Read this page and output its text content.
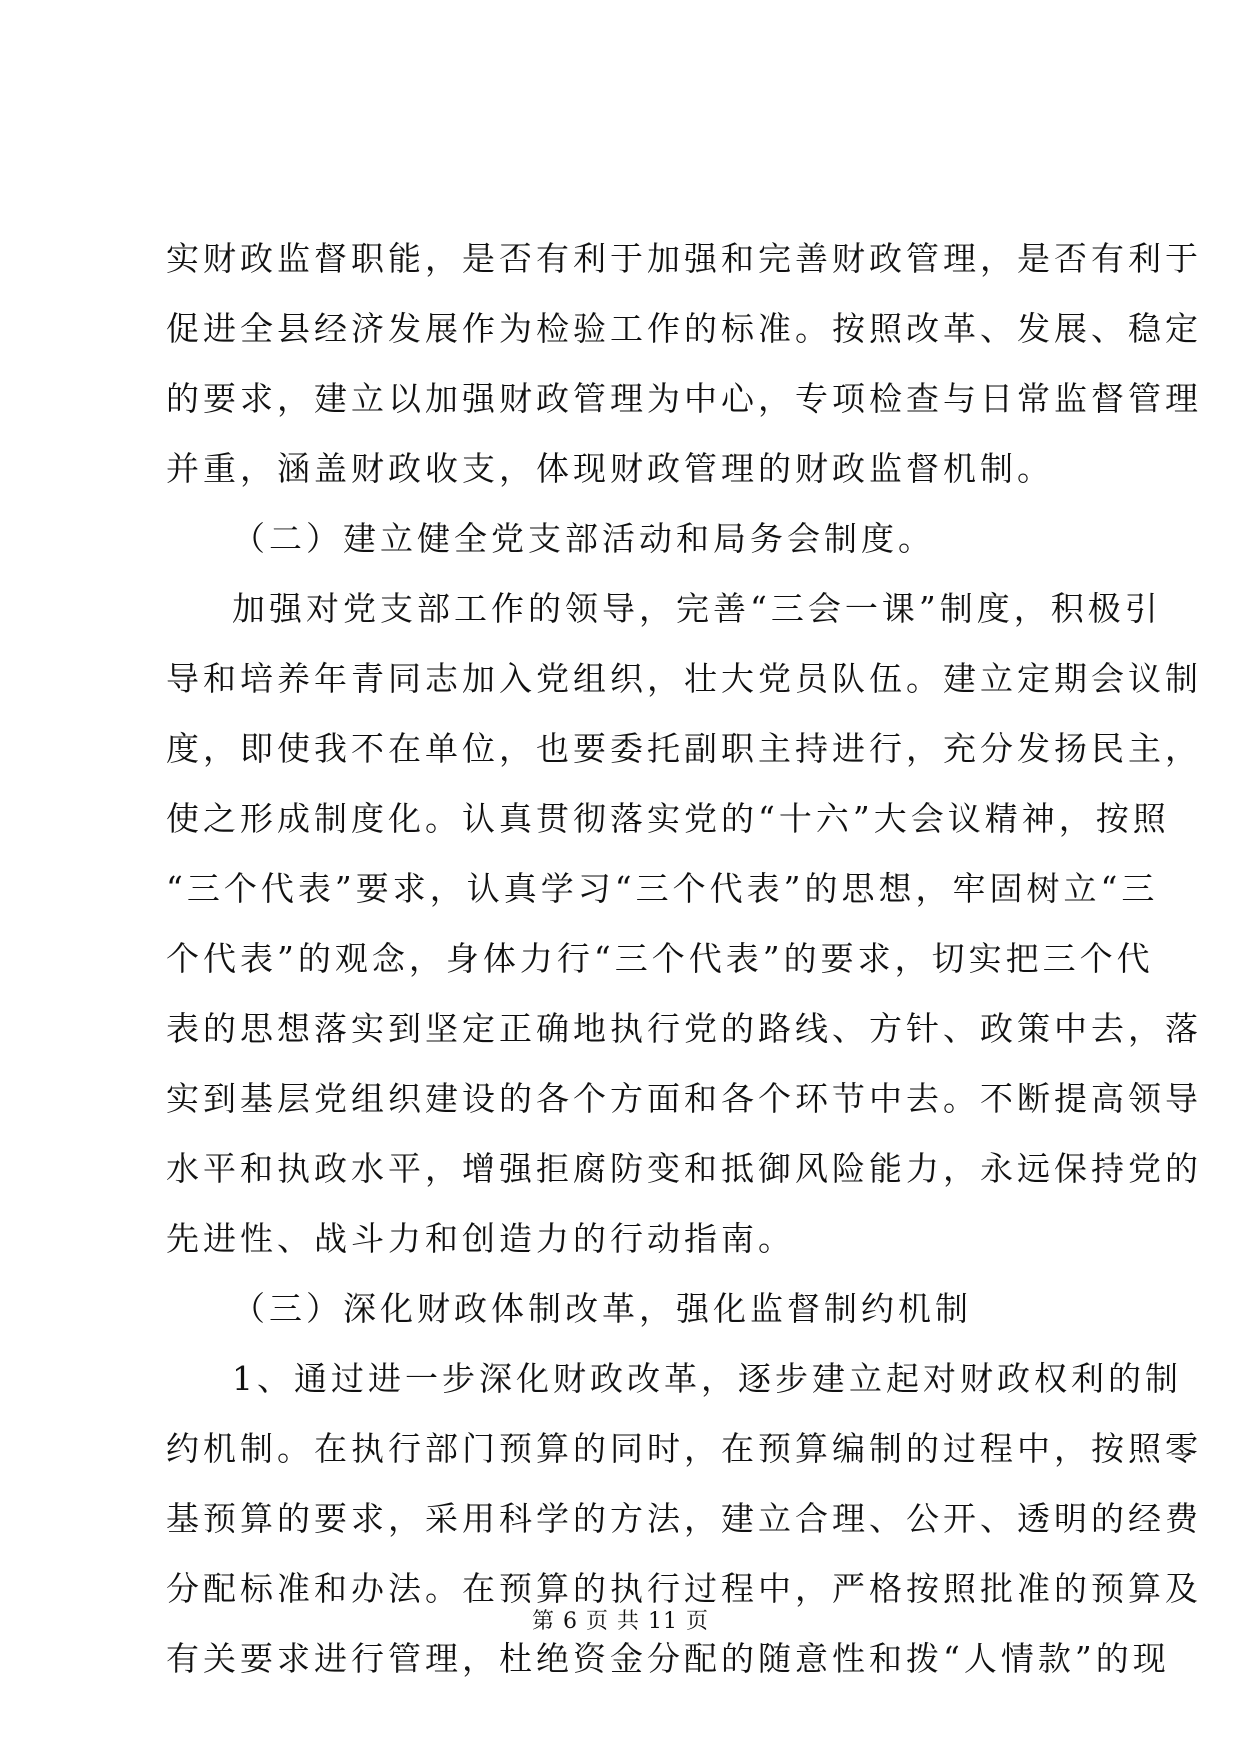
实财政监督职能，是否有利于加强和完善财政管理，是否有利于
促进全县经济发展作为检验工作的标准。按照改革、发展、稳定
的要求，建立以加强财政管理为中心，专项检查与日常监督管理
并重，涵盖财政收支，体现财政管理的财政监督机制。
（二）建立健全党支部活动和局务会制度。
加强对党支部工作的领导，完善“三会一课”制度，积极引
导和培养年青同志加入党组织，壮大党员队伍。建立定期会议制
度，即使我不在单位，也要委托副职主持进行，充分发扬民主，
使之形成制度化。认真贯彻落实党的“十六”大会议精神，按照
“三个代表”要求，认真学习“三个代表”的思想，牢固树立“三
个代表”的观念，身体力行“三个代表”的要求，切实把三个代
表的思想落实到坚定正确地执行党的路线、方针、政策中去，落
实到基层党组织建设的各个方面和各个环节中去。不断提高领导
水平和执政水平，增强拒腐防变和抵御风险能力，永远保持党的
先进性、战斗力和创造力的行动指南。
（三）深化财政体制改革，强化监督制约机制
1、通过进一步深化财政改革，逐步建立起对财政权利的制
约机制。在执行部门预算的同时，在预算编制的过程中，按照零
基预算的要求，采用科学的方法，建立合理、公开、透明的经费
分配标准和办法。在预算的执行过程中，严格按照批准的预算及
有关要求进行管理，杜绝资金分配的随意性和拨“人情款”的现
第 6 页 共 11 页
